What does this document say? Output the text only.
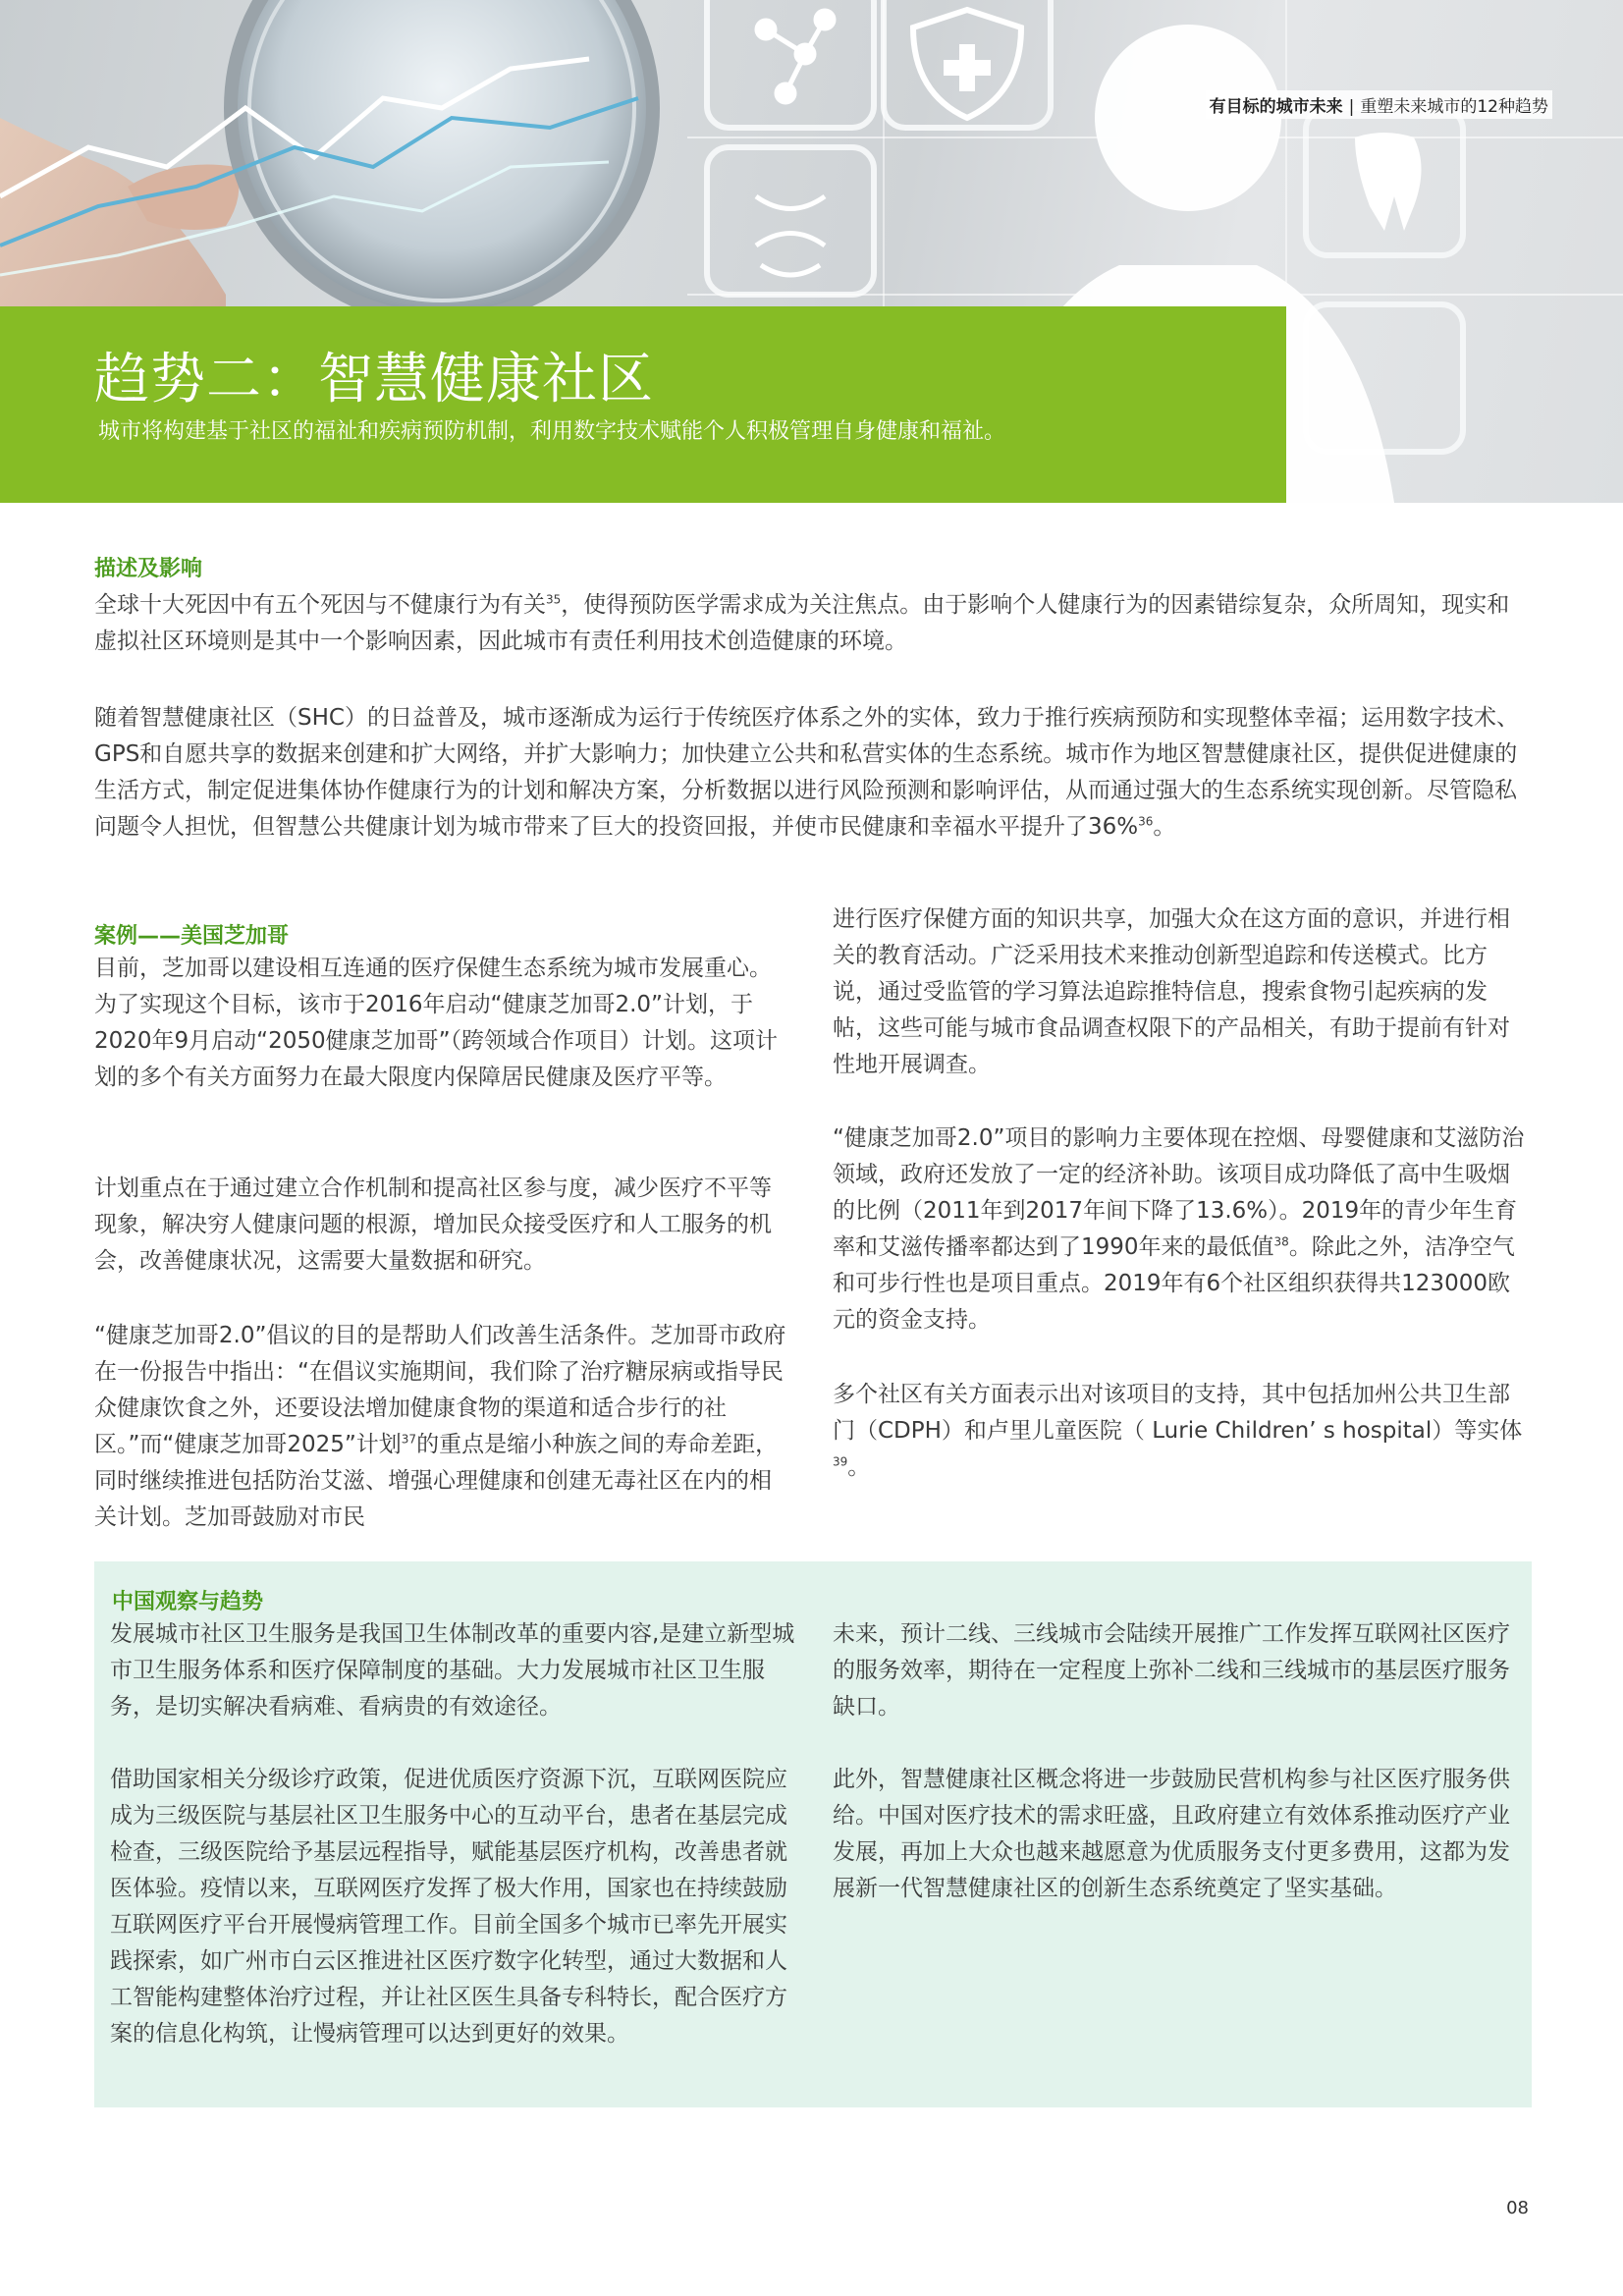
有目标的城市未来 | 重塑未来城市的12种趋势
趋势二：智慧健康社区
城市将构建基于社区的福祉和疾病预防机制，利用数字技术赋能个人积极管理自身健康和福祉。
描述及影响

全球十大死因中有五个死因与不健康行为有关$^{35}$，使得预防医学需求成为关注焦点。由于影响个人健康行为的因素错综复杂，众所周知，现实和虚拟社区环境则是其中一个影响因素，因此城市有责任利用技术创造健康的环境。

随着智慧健康社区（SHC）的日益普及，城市逐渐成为运行于传统医疗体系之外的实体，致力于推行疾病预防和实现整体幸福；运用数字技术、GPS和自愿共享的数据来创建和扩大网络，并扩大影响力；加快建立公共和私营实体的生态系统。城市作为地区智慧健康社区，提供促进健康的生活方式，制定促进集体协作健康行为的计划和解决方案，分析数据以进行风险预测和影响评估，从而通过强大的生态系统实现创新。尽管隐私问题令人担忧，但智慧公共健康计划为城市带来了巨大的投资回报，并使市民健康和幸福水平提升了36%$^{36}$。

案例——美国芝加哥

目前，芝加哥以建设相互连通的医疗保健生态系统为城市发展重心。为了实现这个目标，该市于2016年启动“健康芝加哥2.0”计划，于2020年9月启动“2050健康芝加哥”（跨领域合作项目）计划。这项计划的多个有关方面努力在最大限度内保障居民健康及医疗平等。

计划重点在于通过建立合作机制和提高社区参与度，减少医疗不平等现象，解决穷人健康问题的根源，增加民众接受医疗和人工服务的机会，改善健康状况，这需要大量数据和研究。

“健康芝加哥2.0”倡议的目的是帮助人们改善生活条件。芝加哥市政府在一份报告中指出：“在倡议实施期间，我们除了治疗糖尿病或指导民众健康饮食之外，还要设法增加健康食物的渠道和适合步行的社区。”而“健康芝加哥2025”计划$^{37}$的重点是缩小种族之间的寿命差距，同时继续推进包括防治艾滋、增强心理健康和创建无毒社区在内的相关计划。芝加哥鼓励对市民

进行医疗保健方面的知识共享，加强大众在这方面的意识，并进行相关的教育活动。广泛采用技术来推动创新型追踪和传送模式。比方说，通过受监管的学习算法追踪推特信息，搜索食物引起疾病的发帖，这些可能与城市食品调查权限下的产品相关，有助于提前有针对性地开展调查。

“健康芝加哥2.0”项目的影响力主要体现在控烟、母婴健康和艾滋防治领域，政府还发放了一定的经济补助。该项目成功降低了高中生吸烟的比例（2011年到2017年间下降了13.6%）。2019年的青少年生育率和艾滋传播率都达到了1990年来的最低值$^{38}$。除此之外，洁净空气和可步行性也是项目重点。2019年有6个社区组织获得共123000欧元的资金支持。

多个社区有关方面表示出对该项目的支持，其中包括加州公共卫生部门（CDPH）和卢里儿童医院（ Lurie Children’ s hospital）等实体$^{39}$。

中国观察与趋势

发展城市社区卫生服务是我国卫生体制改革的重要内容,是建立新型城市卫生服务体系和医疗保障制度的基础。大力发展城市社区卫生服务，是切实解决看病难、看病贵的有效途径。

借助国家相关分级诊疗政策，促进优质医疗资源下沉，互联网医院应成为三级医院与基层社区卫生服务中心的互动平台，患者在基层完成检查，三级医院给予基层远程指导，赋能基层医疗机构，改善患者就医体验。疫情以来，互联网医疗发挥了极大作用，国家也在持续鼓励互联网医疗平台开展慢病管理工作。目前全国多个城市已率先开展实践探索，如广州市白云区推进社区医疗数字化转型，通过大数据和人工智能构建整体治疗过程，并让社区医生具备专科特长，配合医疗方案的信息化构筑，让慢病管理可以达到更好的效果。

未来，预计二线、三线城市会陆续开展推广工作发挥互联网社区医疗的服务效率，期待在一定程度上弥补二线和三线城市的基层医疗服务缺口。

此外，智慧健康社区概念将进一步鼓励民营机构参与社区医疗服务供给。中国对医疗技术的需求旺盛，且政府建立有效体系推动医疗产业发展，再加上大众也越来越愿意为优质服务支付更多费用，这都为发展新一代智慧健康社区的创新生态系统奠定了坚实基础。

08
